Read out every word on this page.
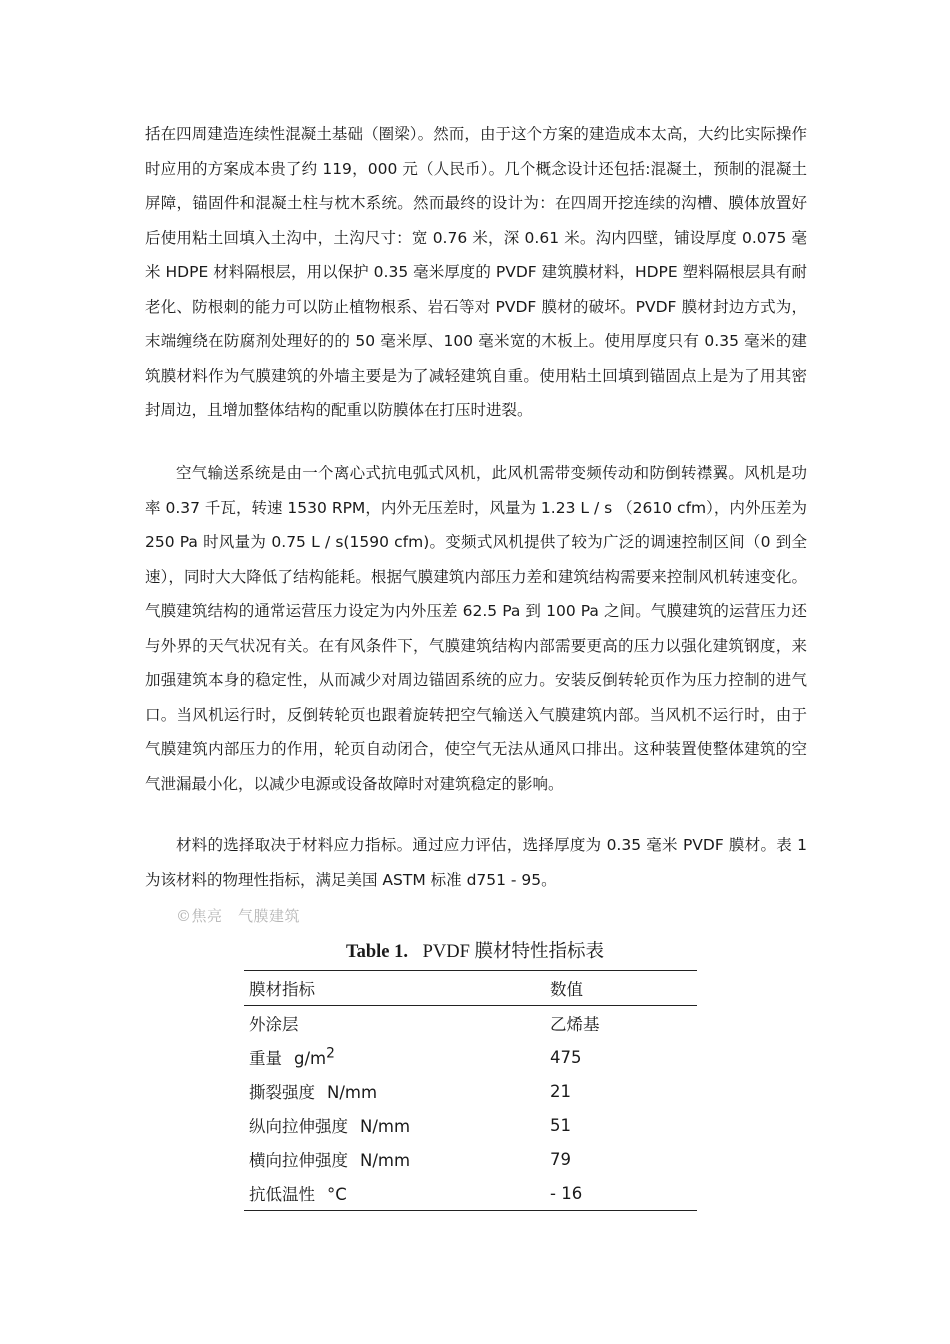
括在四周建造连续性混凝土基础（圈梁）。然而，由于这个方案的建造成本太高，大约比实际操作时应用的方案成本贵了约 119，000 元（人民币）。几个概念设计还包括:混凝土，预制的混凝土屏障，锚固件和混凝土柱与枕木系统。然而最终的设计为：在四周开挖连续的沟槽、膜体放置好后使用粘土回填入土沟中，土沟尺寸：宽 0.76 米，深 0.61 米。沟内四壁，铺设厚度 0.075 毫米 HDPE 材料隔根层，用以保护 0.35 毫米厚度的 PVDF 建筑膜材料，HDPE 塑料隔根层具有耐老化、防根刺的能力可以防止植物根系、岩石等对 PVDF 膜材的破坏。PVDF 膜材封边方式为，末端缠绕在防腐剂处理好的的 50 毫米厚、100 毫米宽的木板上。使用厚度只有 0.35 毫米的建筑膜材料作为气膜建筑的外墙主要是为了减轻建筑自重。使用粘土回填到锚固点上是为了用其密封周边，且增加整体结构的配重以防膜体在打压时进裂。

空气输送系统是由一个离心式抗电弧式风机，此风机需带变频传动和防倒转襟翼。风机是功率 0.37 千瓦，转速 1530 RPM，内外无压差时，风量为 1.23 L / s （2610 cfm），内外压差为 250 Pa 时风量为 0.75 L / s(1590 cfm)。变频式风机提供了较为广泛的调速控制区间（0 到全速），同时大大降低了结构能耗。根据气膜建筑内部压力差和建筑结构需要来控制风机转速变化。气膜建筑结构的通常运营压力设定为内外压差 62.5 Pa 到 100 Pa 之间。气膜建筑的运营压力还与外界的天气状况有关。在有风条件下，气膜建筑结构内部需要更高的压力以强化建筑钢度，来加强建筑本身的稳定性，从而减少对周边锚固系统的应力。安装反倒转轮页作为压力控制的进气口。当风机运行时，反倒转轮页也跟着旋转把空气输送入气膜建筑内部。当风机不运行时，由于气膜建筑内部压力的作用，轮页自动闭合，使空气无法从通风口排出。这种装置使整体建筑的空气泄漏最小化，以减少电源或设备故障时对建筑稳定的影响。

材料的选择取决于材料应力指标。通过应力评估，选择厚度为 0.35 毫米 PVDF 膜材。表 1 为该材料的物理性指标，满足美国 ASTM 标准 d751 - 95。

©焦亮　气膜建筑
Table 1. PVDF 膜材特性指标表
膜材指标	数值
外涂层	乙烯基
重量 $g/m^2$	475
撕裂强度 N/mm	21
纵向拉伸强度 N/mm	51
横向拉伸强度 N/mm	79
抗低温性 °C	- 16
